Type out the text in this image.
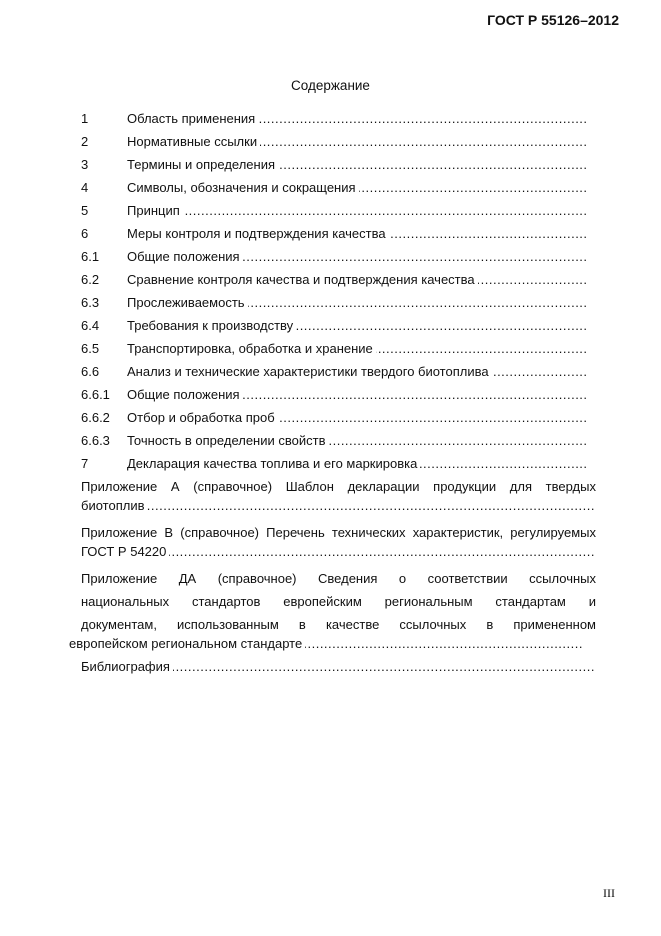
ГОСТ Р 55126–2012
Содержание
1	Область применения .....
2	Нормативные ссылки .....
3	Термины и определения .....
4	Символы, обозначения и сокращения .....
5	Принцип .....
6	Меры контроля и подтверждения качества .....
6.1	Общие положения .....
6.2	Сравнение контроля качества и подтверждения качества .....
6.3	Прослеживаемость .....
6.4	Требования к производству .....
6.5	Транспортировка, обработка и хранение .....
6.6	Анализ и технические характеристики твердого биотоплива .....
6.6.1	Общие положения .....
6.6.2	Отбор и обработка проб .....
6.6.3	Точность в определении свойств .....
7	Декларация качества топлива и его маркировка .....
Приложение А (справочное) Шаблон декларации продукции для твердых
биотоплив .....
Приложение В (справочное) Перечень технических характеристик, регулируемых
ГОСТ Р 54220 .....
Приложение ДА (справочное) Сведения о соответствии ссылочных
национальных стандартов европейским региональным стандартам и
документам, использованным в качестве ссылочных в примененном
европейском региональном стандарте .....
Библиография .....
III
